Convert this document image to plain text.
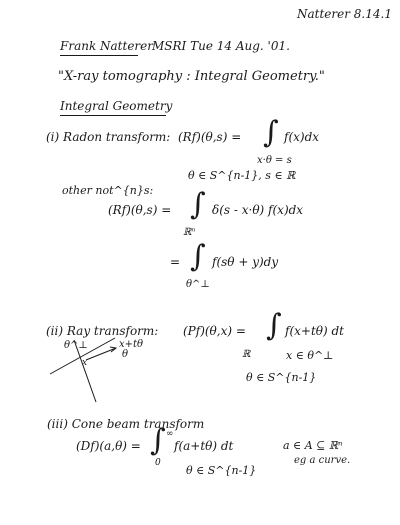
Natterer 8.14.1
Frank Natterer
MSRI Tue 14 Aug. '01.
"X-ray tomography : Integral Geometry."
Integral Geometry
(i) Radon transform: (Rf)(θ,s) = ∫ f(x)dx
x·θ = s
θ ∈ S^{n-1}, s ∈ ℝ
other not^{n}s:
(Rf)(θ,s) = ∫ δ(s - x·θ) f(x)dx
ℝⁿ
= ∫ f(sθ + y)dy
θ^⊥
(ii) Ray transform: (Pf)(θ,x) = ∫ f(x+tθ) dt
ℝ	x ∈ θ^⊥
θ ∈ S^{n-1}
θ^⊥	x+tθ
x
θ
(iii) Cone beam transform
(Df)(a,θ) = ∫ ∞
0
f(a+tθ) dt	a ∈ A ⊆ ℝⁿ
θ ∈ S^{n-1}
eg a curve.
